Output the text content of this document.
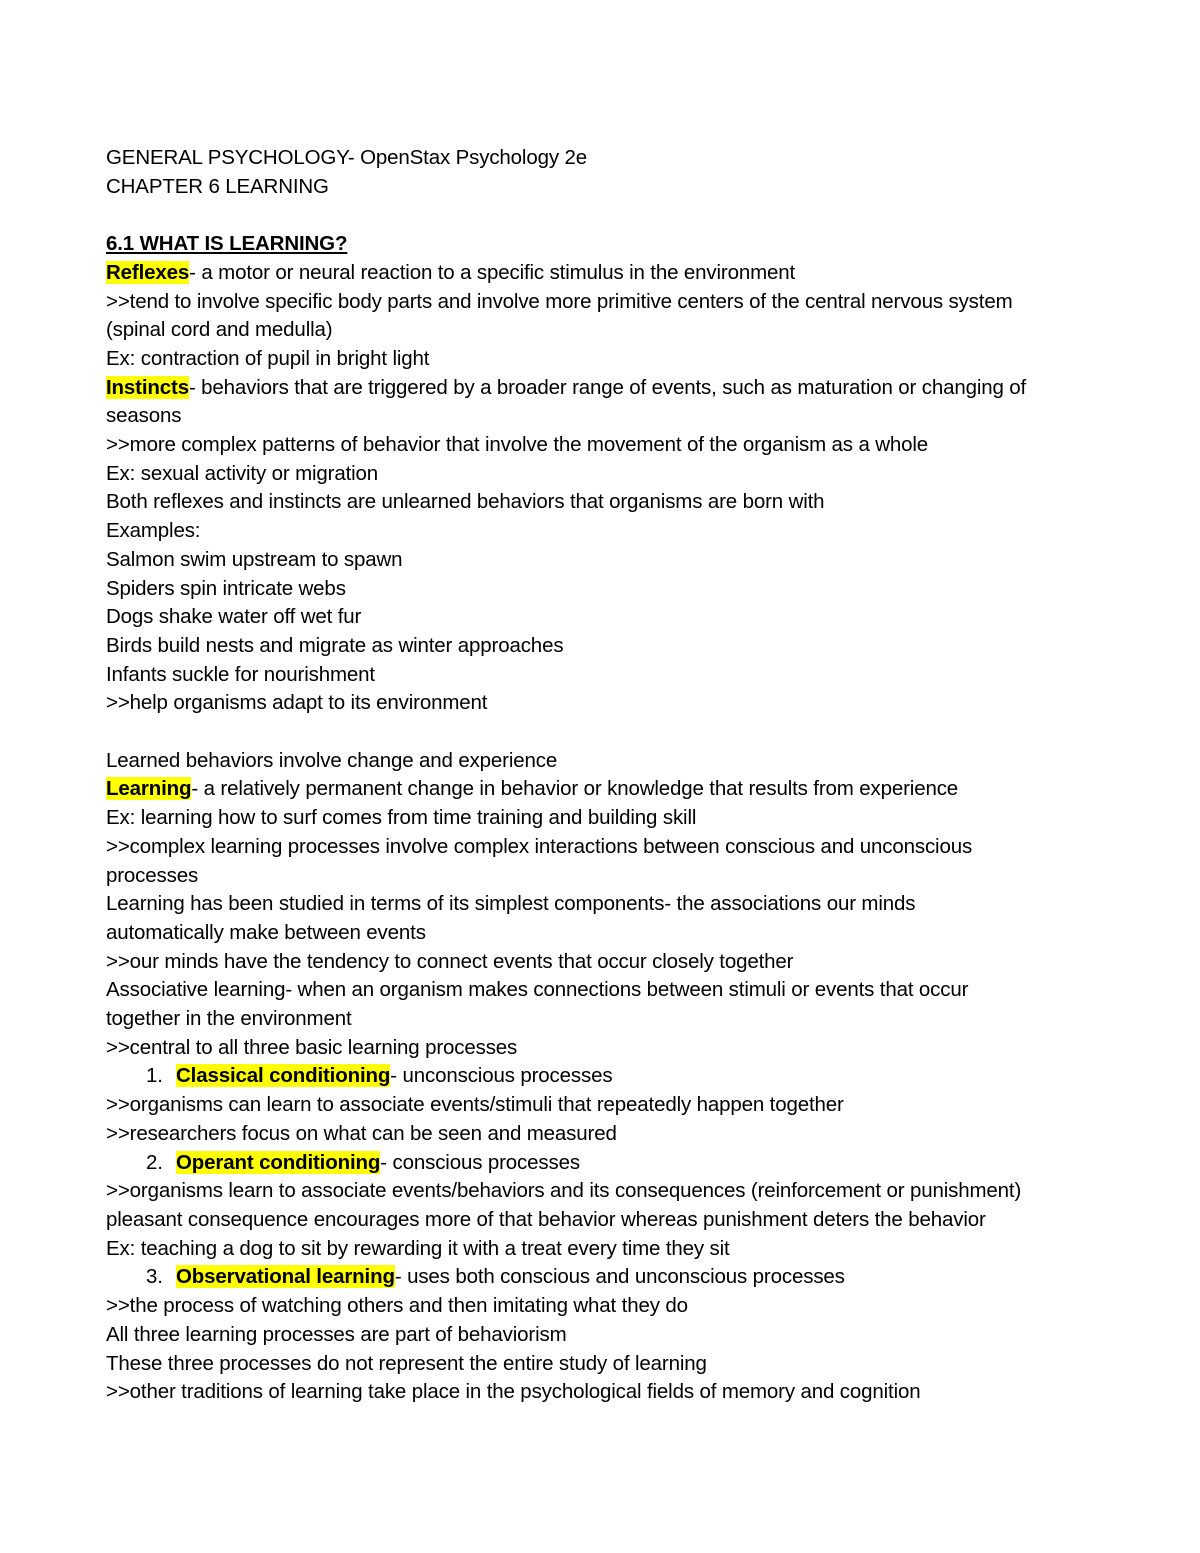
GENERAL PSYCHOLOGY- OpenStax Psychology 2e
CHAPTER 6 LEARNING
6.1 WHAT IS LEARNING?
Reflexes- a motor or neural reaction to a specific stimulus in the environment
>>tend to involve specific body parts and involve more primitive centers of the central nervous system
(spinal cord and medulla)
Ex: contraction of pupil in bright light
Instincts- behaviors that are triggered by a broader range of events, such as maturation or changing of
seasons
>>more complex patterns of behavior that involve the movement of the organism as a whole
Ex: sexual activity or migration
Both reflexes and instincts are unlearned behaviors that organisms are born with
Examples:
Salmon swim upstream to spawn
Spiders spin intricate webs
Dogs shake water off wet fur
Birds build nests and migrate as winter approaches
Infants suckle for nourishment
>>help organisms adapt to its environment
Learned behaviors involve change and experience
Learning- a relatively permanent change in behavior or knowledge that results from experience
Ex: learning how to surf comes from time training and building skill
>>complex learning processes involve complex interactions between conscious and unconscious
processes
Learning has been studied in terms of its simplest components- the associations our minds
automatically make between events
>>our minds have the tendency to connect events that occur closely together
Associative learning- when an organism makes connections between stimuli or events that occur
together in the environment
>>central to all three basic learning processes
1. Classical conditioning- unconscious processes
>>organisms can learn to associate events/stimuli that repeatedly happen together
>>researchers focus on what can be seen and measured
2. Operant conditioning- conscious processes
>>organisms learn to associate events/behaviors and its consequences (reinforcement or punishment)
pleasant consequence encourages more of that behavior whereas punishment deters the behavior
Ex: teaching a dog to sit by rewarding it with a treat every time they sit
3. Observational learning- uses both conscious and unconscious processes
>>the process of watching others and then imitating what they do
All three learning processes are part of behaviorism
These three processes do not represent the entire study of learning
>>other traditions of learning take place in the psychological fields of memory and cognition
